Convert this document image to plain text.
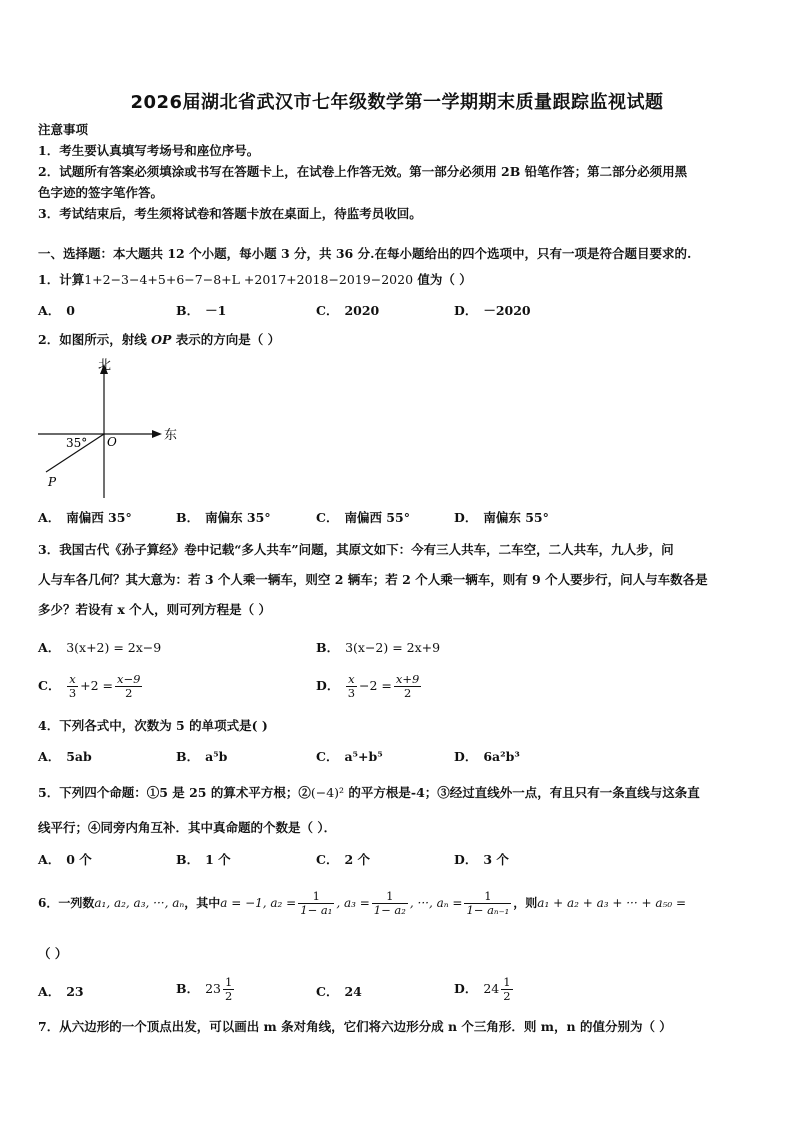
2026届湖北省武汉市七年级数学第一学期期末质量跟踪监视试题
注意事项
1．考生要认真填写考场号和座位序号。
2．试题所有答案必须填涂或书写在答题卡上，在试卷上作答无效。第一部分必须用 2B 铅笔作答；第二部分必须用黑
色字迹的签字笔作答。
3．考试结束后，考生须将试卷和答题卡放在桌面上，待监考员收回。
一、选择题：本大题共 12 个小题，每小题 3 分，共 36 分.在每小题给出的四个选项中，只有一项是符合题目要求的.
1．计算1+2−3−4+5+6−7−8+L +2017+2018−2019−2020 值为（ ）
A． 0	B． －1	C． 2020	D． －2020
2．如图所示，射线 OP 表示的方向是（ ）
北
东
35° O
P
A． 南偏西 35°	B． 南偏东 35°	C． 南偏西 55°	D． 南偏东 55°
3．我国古代《孙子算经》卷中记载“多人共车”问题，其原文如下：今有三人共车，二车空，二人共车，九人步，问
人与车各几何？其大意为：若 3 个人乘一辆车，则空 2 辆车；若 2 个人乘一辆车，则有 9 个人要步行，问人与车数各是
多少？若设有 x 个人，则可列方程是（ ）
A． 3(x+2) = 2x−9	B． 3(x−2) = 2x+9
C． $\frac{x}{3} +2 = \frac{x-9}{2}$	D． $\frac{x}{3} -2 = \frac{x+9}{2}$
4．下列各式中，次数为 5 的单项式是( )
A． 5ab	B． a⁵b	C． a⁵+b⁵	D． 6a²b³
5．下列四个命题：①5 是 25 的算术平方根；②(−4)² 的平方根是-4；③经过直线外一点，有且只有一条直线与这条直
线平行；④同旁内角互补．其中真命题的个数是（ ）．
A． 0 个	B． 1 个	C． 2 个	D． 3 个
6．一列数a₁, a₂, a₃, ···, aₙ，其中a = −1, $a_2 = \frac{1}{\text{1− a₁}}$ , $a_3 = \frac{1}{\text{1− a₂}}$ , ···, $a_n = \frac{1}{\text{1− aₙ₋₁}}$ ，则a₁ + a₂ + a₃ + ··· + a₅₀ =
（ ）
A． 23	B． $23 \frac{1}{2}$	C． 24	D． $24 \frac{1}{2}$
7．从六边形的一个顶点出发，可以画出 m 条对角线，它们将六边形分成 n 个三角形．则 m，n 的值分别为（ ）
